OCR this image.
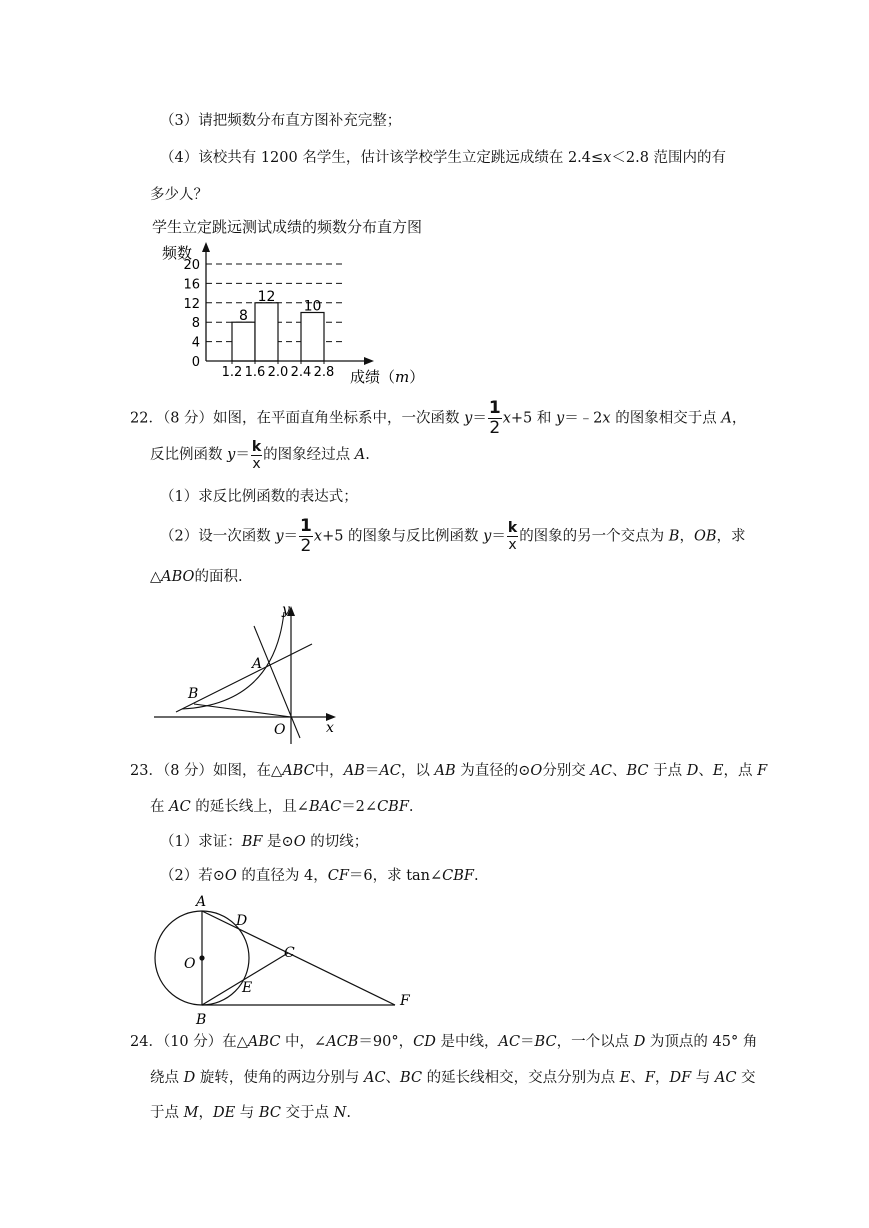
（3）请把频数分布直方图补充完整；
（4）该校共有 1200 名学生，估计该学校学生立定跳远成绩在 2.4≤x＜2.8 范围内的有
多少人？
学生立定跳远测试成绩的频数分布直方图
频数
成绩（m）
8
12
10
20
16
12
8
4
1.2 1.6 2.0 2.4 2.8
0
22．（8 分）如图，在平面直角坐标系中，一次函数 $y= \frac{1}{2} x+5$ 和 y＝﹣2x 的图象相交于点 A，
反比例函数 $y= \frac{k}{x}$ 的图象经过点 A.
（1）求反比例函数的表达式；
（2）设一次函数 $y= \frac{1}{2} x+5$ 的图象与反比例函数 $y= \frac{k}{x}$ 的图象的另一个交点为 B，OB，求
△ABO的面积.
y
x
A
B
O
23．（8 分）如图，在△ABC中，AB＝AC，以 AB 为直径的⊙O分别交 AC、BC 于点 D、E，点 F
在 AC 的延长线上，且∠BAC＝2∠CBF.
（1）求证：BF 是⊙O 的切线；
（2）若⊙O 的直径为 4，CF＝6，求 tan∠CBF.
A
B
C
D
E
F
O
24．（10 分）在△ABC 中，∠ACB＝90°，CD 是中线，AC＝BC，一个以点 D 为顶点的 45° 角
绕点 D 旋转，使角的两边分别与 AC、BC 的延长线相交，交点分别为点 E、F，DF 与 AC 交
于点 M，DE 与 BC 交于点 N.
